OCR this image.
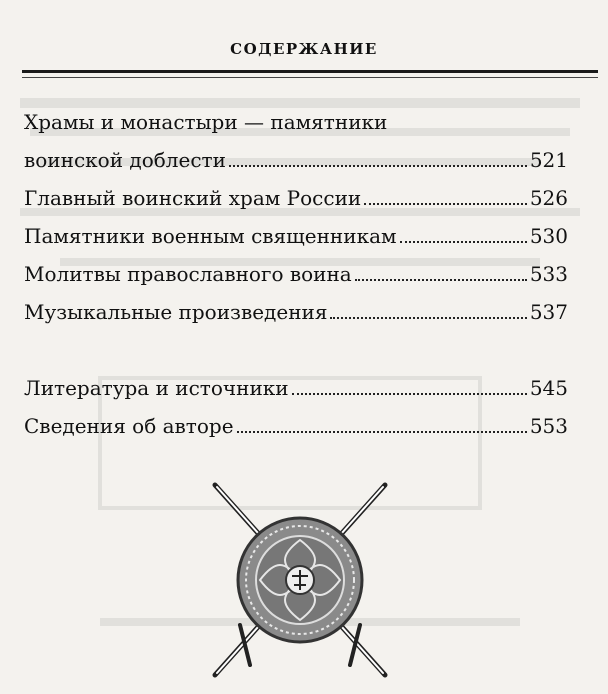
СОДЕРЖАНИЕ
Храмы и монастыри — памятники
воинской доблести	521
Главный воинский храм России	526
Памятники военным священникам	530
Молитвы православного воина	533
Музыкальные произведения	537
Литература и источники	545
Сведения об авторе	553
